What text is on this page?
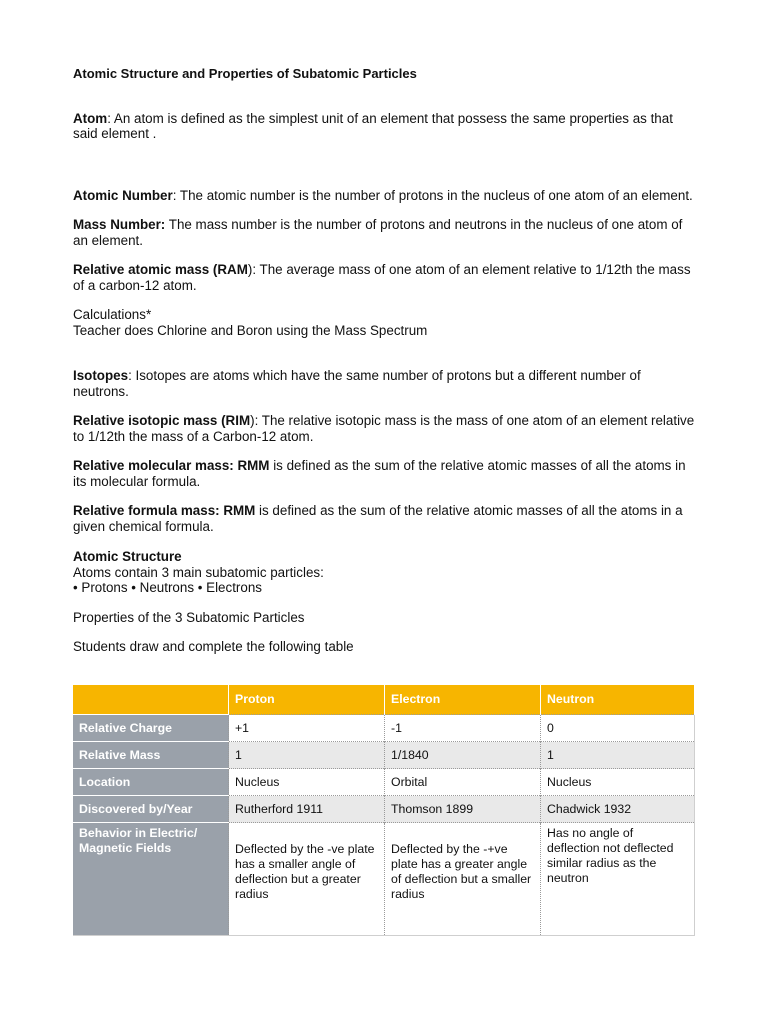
Atomic Structure and Properties of Subatomic Particles

Atom: An atom is defined as the simplest unit of an element that possess the same properties as that said element .

Atomic Number: The atomic number is the number of protons in the nucleus of one atom of an element.

Mass Number: The mass number is the number of protons and neutrons in the nucleus of one atom of an element.

Relative atomic mass (RAM): The average mass of one atom of an element relative to 1/12th the mass of a carbon-12 atom.

Calculations*

Teacher does Chlorine and Boron using the Mass Spectrum

Isotopes: Isotopes are atoms which have the same number of protons but a different number of neutrons.

Relative isotopic mass (RIM): The relative isotopic mass is the mass of one atom of an element relative to 1/12th the mass of a Carbon-12 atom.

Relative molecular mass: RMM is defined as the sum of the relative atomic masses of all the atoms in its molecular formula.

Relative formula mass: RMM is defined as the sum of the relative atomic masses of all the atoms in a given chemical formula.

Atomic Structure

Atoms contain 3 main subatomic particles:

• Protons • Neutrons • Electrons

Properties of the 3 Subatomic Particles

Students draw and complete the following table

	Proton	Electron	Neutron
Relative Charge	+1	-1	0
Relative Mass	1	1/1840	1
Location	Nucleus	Orbital	Nucleus
Discovered by/Year	Rutherford 1911	Thomson 1899	Chadwick 1932
Behavior in Electric/ Magnetic Fields	Deflected by the -ve plate has a smaller angle of deflection but a greater radius	Deflected by the -+ve plate has a greater angle of deflection but a smaller radius	Has no angle of deflection not deflected similar radius as the neutron
